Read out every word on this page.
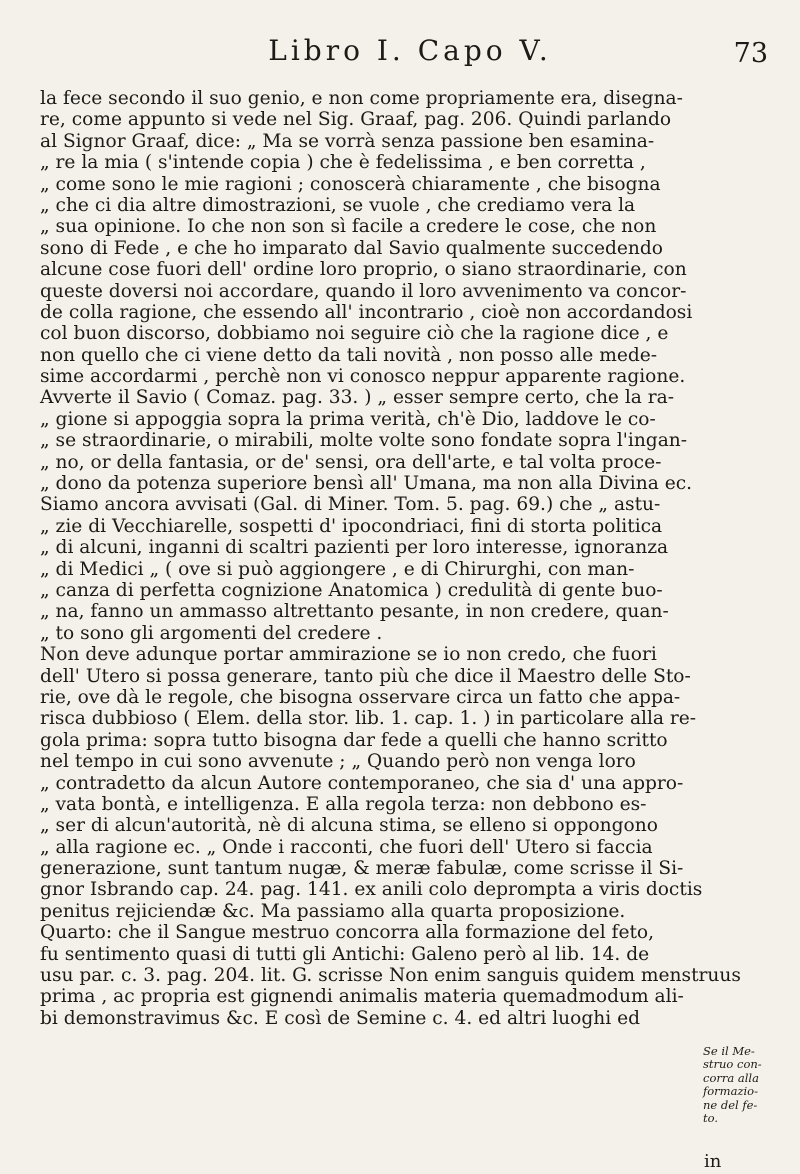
Libro I. Capo V.	73
la fece secondo il suo genio, e non come propriamente era, disegna-
re, come appunto si vede nel Sig. Graaf, pag. 206. Quindi parlando
al Signor Graaf, dice: „ Ma se vorrà senza passione ben esamina-
„ re la mia ( s'intende copia ) che è fedelissima , e ben corretta ,
„ come sono le mie ragioni ; conoscerà chiaramente , che bisogna
„ che ci dia altre dimostrazioni, se vuole , che crediamo vera la
„ sua opinione. Io che non son sì facile a credere le cose, che non
sono di Fede , e che ho imparato dal Savio qualmente succedendo
alcune cose fuori dell' ordine loro proprio, o siano straordinarie, con
queste doversi noi accordare, quando il loro avvenimento va concor-
de colla ragione, che essendo all' incontrario , cioè non accordandosi
col buon discorso, dobbiamo noi seguire ciò che la ragione dice , e
non quello che ci viene detto da tali novità , non posso alle mede-
sime accordarmi , perchè non vi conosco neppur apparente ragione.
Avverte il Savio ( Comaz. pag. 33. ) „ esser sempre certo, che la ra-
„ gione si appoggia sopra la prima verità, ch'è Dio, laddove le co-
„ se straordinarie, o mirabili, molte volte sono fondate sopra l'ingan-
„ no, or della fantasia, or de' sensi, ora dell'arte, e tal volta proce-
„ dono da potenza superiore bensì all' Umana, ma non alla Divina ec.
Siamo ancora avvisati (Gal. di Miner. Tom. 5. pag. 69.) che „ astu-
„ zie di Vecchiarelle, sospetti d' ipocondriaci, fini di storta politica
„ di alcuni, inganni di scaltri pazienti per loro interesse, ignoranza
„ di Medici „ ( ove si può aggiongere , e di Chirurghi, con man-
„ canza di perfetta cognizione Anatomica ) credulità di gente buo-
„ na, fanno un ammasso altrettanto pesante, in non credere, quan-
„ to sono gli argomenti del credere .
Non deve adunque portar ammirazione se io non credo, che fuori
dell' Utero si possa generare, tanto più che dice il Maestro delle Sto-
rie, ove dà le regole, che bisogna osservare circa un fatto che appa-
risca dubbioso ( Elem. della stor. lib. 1. cap. 1. ) in particolare alla re-
gola prima: sopra tutto bisogna dar fede a quelli che hanno scritto
nel tempo in cui sono avvenute ; „ Quando però non venga loro
„ contradetto da alcun Autore contemporaneo, che sia d' una appro-
„ vata bontà, e intelligenza. E alla regola terza: non debbono es-
„ ser di alcun'autorità, nè di alcuna stima, se elleno si oppongono
„ alla ragione ec. „ Onde i racconti, che fuori dell' Utero si faccia
generazione, sunt tantum nugæ, & meræ fabulæ, come scrisse il Si-
gnor Isbrando cap. 24. pag. 141. ex anili colo deprompta a viris doctis
penitus rejiciendæ &c. Ma passiamo alla quarta proposizione.
Quarto: che il Sangue mestruo concorra alla formazione del feto,
fu sentimento quasi di tutti gli Antichi: Galeno però al lib. 14. de
usu par. c. 3. pag. 204. lit. G. scrisse Non enim sanguis quidem menstruus
prima , ac propria est gignendi animalis materia quemadmodum ali-
bi demonstravimus &c. E così de Semine c. 4. ed altri luoghi ed
Se il Me-
struo con-
corra alla
formazio-
ne del fe-
to.
in
